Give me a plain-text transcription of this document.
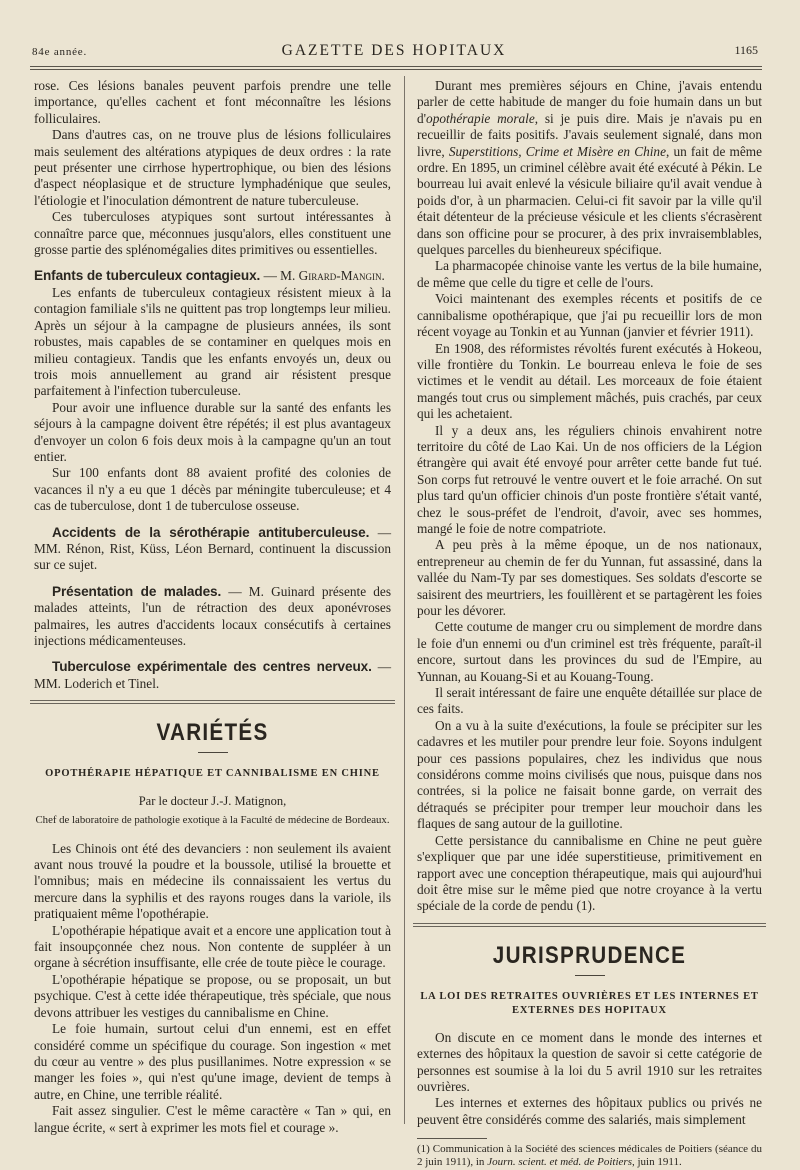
84e année.	GAZETTE DES HOPITAUX	1165

rose. Ces lésions banales peuvent parfois prendre une telle importance, qu'elles cachent et font méconnaître les lésions folliculaires.

Dans d'autres cas, on ne trouve plus de lésions folliculaires mais seulement des altérations atypiques de deux ordres : la rate peut présenter une cirrhose hypertrophique, ou bien des lésions d'aspect néoplasique et de structure lymphadénique que seules, l'étiologie et l'inoculation démontrent de nature tuberculeuse.

Ces tuberculoses atypiques sont surtout intéressantes à connaître parce que, méconnues jusqu'alors, elles constituent une grosse partie des splénomégalies dites primitives ou essentielles.

Enfants de tuberculeux contagieux. — M. Girard-Mangin.

Les enfants de tuberculeux contagieux résistent mieux à la contagion familiale s'ils ne quittent pas trop longtemps leur milieu. Après un séjour à la campagne de plusieurs années, ils sont robustes, mais capables de se contaminer en quelques mois en milieu contagieux. Tandis que les enfants envoyés un, deux ou trois mois annuellement au grand air résistent presque parfaitement à l'infection tuberculeuse.

Pour avoir une influence durable sur la santé des enfants les séjours à la campagne doivent être répétés; il est plus avantageux d'envoyer un colon 6 fois deux mois à la campagne qu'un an tout entier.

Sur 100 enfants dont 88 avaient profité des colonies de vacances il n'y a eu que 1 décès par méningite tuberculeuse; et 4 cas de tuberculose, dont 1 de tuberculose osseuse.

Accidents de la sérothérapie antituberculeuse. — MM. Rénon, Rist, Küss, Léon Bernard, continuent la discussion sur ce sujet.

Présentation de malades. — M. Guinard présente des malades atteints, l'un de rétraction des deux aponévroses palmaires, les autres d'accidents locaux consécutifs à certaines injections médicamenteuses.

Tuberculose expérimentale des centres nerveux. — MM. Loderich et Tinel.

VARIÉTÉS
OPOTHÉRAPIE HÉPATIQUE ET CANNIBALISME EN CHINE
Par le docteur J.-J. Matignon,
Chef de laboratoire de pathologie exotique à la Faculté de médecine de Bordeaux.

Les Chinois ont été des devanciers : non seulement ils avaient avant nous trouvé la poudre et la boussole, utilisé la brouette et l'omnibus; mais en médecine ils connaissaient les vertus du mercure dans la syphilis et des rayons rouges dans la variole, ils pratiquaient même l'opothérapie.

L'opothérapie hépatique avait et a encore une application tout à fait insoupçonnée chez nous. Non contente de suppléer à un organe à sécrétion insuffisante, elle crée de toute pièce le courage.

L'opothérapie hépatique se propose, ou se proposait, un but psychique. C'est à cette idée thérapeutique, très spéciale, que nous devons attribuer les vestiges du cannibalisme en Chine.

Le foie humain, surtout celui d'un ennemi, est en effet considéré comme un spécifique du courage. Son ingestion « met du cœur au ventre » des plus pusillanimes. Notre expression « se manger les foies », qui n'est qu'une image, devient de temps à autre, en Chine, une terrible réalité.

Fait assez singulier. C'est le même caractère « Tan » qui, en langue écrite, « sert à exprimer les mots fiel et courage ».

Durant mes premières séjours en Chine, j'avais entendu parler de cette habitude de manger du foie humain dans un but d'opothérapie morale, si je puis dire. Mais je n'avais pu en recueillir de faits positifs. J'avais seulement signalé, dans mon livre, Superstitions, Crime et Misère en Chine, un fait de même ordre. En 1895, un criminel célèbre avait été exécuté à Pékin. Le bourreau lui avait enlevé la vésicule biliaire qu'il avait vendue à poids d'or, à un pharmacien. Celui-ci fit savoir par la ville qu'il était détenteur de la précieuse vésicule et les clients s'écrasèrent dans son officine pour se procurer, à des prix invraisemblables, quelques parcelles du bienheureux spécifique.

La pharmacopée chinoise vante les vertus de la bile humaine, de même que celle du tigre et celle de l'ours.

Voici maintenant des exemples récents et positifs de ce cannibalisme opothérapique, que j'ai pu recueillir lors de mon récent voyage au Tonkin et au Yunnan (janvier et février 1911).

En 1908, des réformistes révoltés furent exécutés à Hokeou, ville frontière du Tonkin. Le bourreau enleva le foie de ses victimes et le vendit au détail. Les morceaux de foie étaient mangés tout crus ou simplement mâchés, puis crachés, par ceux qui les achetaient.

Il y a deux ans, les réguliers chinois envahirent notre territoire du côté de Lao Kai. Un de nos officiers de la Légion étrangère qui avait été envoyé pour arrêter cette bande fut tué. Son corps fut retrouvé le ventre ouvert et le foie arraché. On sut plus tard qu'un officier chinois d'un poste frontière s'était vanté, chez le sous-préfet de l'endroit, d'avoir, avec ses hommes, mangé le foie de notre compatriote.

A peu près à la même époque, un de nos nationaux, entrepreneur au chemin de fer du Yunnan, fut assassiné, dans la vallée du Nam-Ty par ses domestiques. Ses soldats d'escorte se saisirent des meurtriers, les fouillèrent et se partagèrent les foies pour les dévorer.

Cette coutume de manger cru ou simplement de mordre dans le foie d'un ennemi ou d'un criminel est très fréquente, paraît-il encore, surtout dans les provinces du sud de l'Empire, au Yunnan, au Kouang-Si et au Kouang-Toung.

Il serait intéressant de faire une enquête détaillée sur place de ces faits.

On a vu à la suite d'exécutions, la foule se précipiter sur les cadavres et les mutiler pour prendre leur foie. Soyons indulgent pour ces passions populaires, chez les individus que nous considérons comme moins civilisés que nous, puisque dans nos contrées, si la police ne faisait bonne garde, on verrait des détraqués se précipiter pour tremper leur mouchoir dans les flaques de sang autour de la guillotine.

Cette persistance du cannibalisme en Chine ne peut guère s'expliquer que par une idée superstitieuse, primitivement en rapport avec une conception thérapeutique, mais qui aujourd'hui doit être mise sur le même pied que notre croyance à la vertu spéciale de la corde de pendu (1).

JURISPRUDENCE
LA LOI DES RETRAITES OUVRIÈRES ET LES INTERNES ET EXTERNES DES HOPITAUX

On discute en ce moment dans le monde des internes et externes des hôpitaux la question de savoir si cette catégorie de personnes est soumise à la loi du 5 avril 1910 sur les retraites ouvrières.

Les internes et externes des hôpitaux publics ou privés ne peuvent être considérés comme des salariés, mais simplement

(1) Communication à la Société des sciences médicales de Poitiers (séance du 2 juin 1911), in Journ. scient. et méd. de Poitiers, juin 1911.
